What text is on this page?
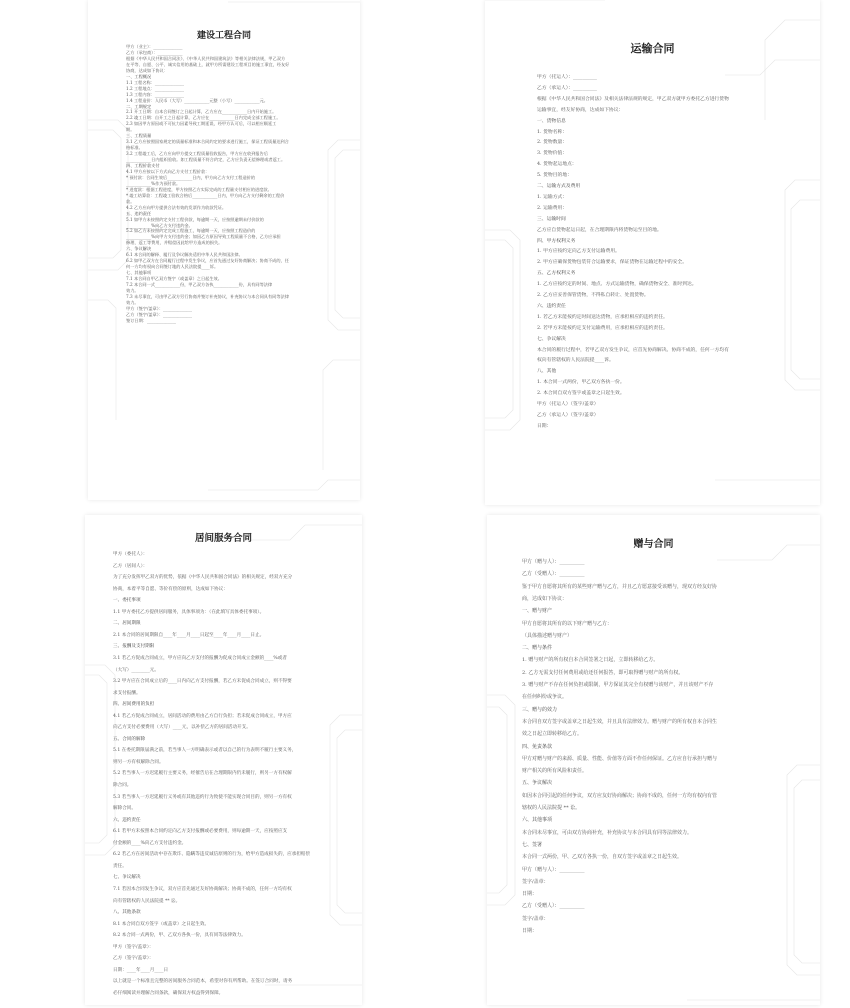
建设工程合同
甲方（业主）：______________
乙方（承包商）：____________
根据《中华人民共和国合同法》、《中华人民共和国建筑法》等相关法律法规，甲乙双方
在平等、自愿、公平、诚实信用的基础上，就甲方所需建设工程项目的施工事宜，经友好
协商，达成如下协议：
一、工程概况
1.1 工程名称：______________
1.2 工程地点：______________
1.3 工程内容：______________
1.4 工程造价：人民币（大写）____________元整（小写）____________元。
二、工期规定
2.1 开工日期：自本合同签订之日起计算，乙方应在____________日内开始施工。
2.2 竣工日期：自开工之日起计算，乙方应在____________日内完成全部工程施工。
2.3 如因甲方原因或不可抗力因素导致工期延误，经甲方认可后，可以相应顺延工
期。
三、工程质量
3.1 乙方应按照国家规定的质量标准和本合同约定的要求进行施工，保证工程质量达到合
格标准。
3.2 工程竣工后，乙方应向甲方提交工程质量验收报告，甲方应在收到报告后
____________日内组织验收。如工程质量不符合约定，乙方应负责无偿修理或者返工。
四、工程价款支付
4.1 甲方应按以下方式向乙方支付工程价款：
* 预付款：合同生效后____________日内，甲方向乙方支付工程造价的
____________%作为预付款。
* 进度款：根据工程进度，甲方按照乙方实际完成的工程量支付相应的进度款。
* 竣工结算款：工程竣工验收合格后____________日内，甲方向乙方支付剩余的工程价
款。
4.2 乙方应向甲方提供合法有效的发票作为收款凭证。
五、违约责任
5.1 如甲方未按照约定支付工程价款，每逾期一天，应按照逾期未付价款的
____________%向乙方支付违约金。
5.2 如乙方未按照约定完成工程施工，每逾期一天，应按照工程造价的
____________%向甲方支付违约金；如因乙方原因导致工程质量不合格，乙方应承担
修理、返工等费用，并赔偿因此给甲方造成的损失。
六、争议解决
6.1 本合同的解释、履行及争议解决适用中华人民共和国法律。
6.2 如甲乙双方在合同履行过程中发生争议，应首先通过友好协商解决；协商不成的，任
何一方均有权向合同签订地的人民法院提____诉。
七、其他事项
7.1 本合同自甲乙双方签字（或盖章）之日起生效。
7.2 本合同一式____________份，甲乙双方各执____________份，具有同等法律
效力。
7.3 未尽事宜，可由甲乙双方另行协商并签订补充协议，补充协议与本合同具有同等法律
效力。
甲方（签字/盖章）：______________
乙方（签字/盖章）：______________
签订日期：______________
运输合同
甲方（托运人）：__________
乙方（承运人）：__________
根据《中华人民共和国合同法》及相关法律法规的规定，甲乙双方就甲方委托乙方进行货物
运输事宜，经友好协商，达成如下协议：
一、货物信息
1. 货物名称：
2. 货物数量：
3. 货物价值：
4. 货物起运地点：
5. 货物目的地：
二、运输方式及费用
1. 运输方式：
2. 运输费用：
三、运输时间
乙方应自货物起运日起，在合理期限内将货物运至目的地。
四、甲方权利义务
1. 甲方应按约定向乙方支付运输费用。
2. 甲方应确保货物包装符合运输要求，保证货物在运输过程中的安全。
五、乙方权利义务
1. 乙方应按约定的时间、地点、方式运输货物，确保货物安全、准时到达。
2. 乙方应妥善保管货物，不得私自转让、处置货物。
六、违约责任
1. 若乙方未能按约定时间送达货物，应承担相应的违约责任。
2. 若甲方未能按约定支付运输费用，应承担相应的违约责任。
七、争议解决
本合同的履行过程中，若甲乙双方发生争议，应首先协商解决。协商不成的，任何一方均有
权向有管辖权的人民法院提____诉。
八、其他
1. 本合同一式两份，甲乙双方各执一份。
2. 本合同自双方签字或盖章之日起生效。
甲方（托运人）（签字/盖章）
乙方（承运人）（签字/盖章）
日期：
居间服务合同
甲方（委托人）：
乙方（居间人）：
为了充分发挥甲乙双方的优势，依据《中华人民共和国合同法》的相关规定，经双方充分
协商，本着平等自愿、等价有偿的原则，达成如下协议：
一、委托事项
1.1 甲方委托乙方提供居间服务，具体事项为：（在此填写具体委托事项）。
二、居间期限
2.1 本合同的居间期限自____年____月____日起至____年____月____日止。
三、报酬及支付期限
3.1 若乙方促成合同成立，甲方应向乙方支付的报酬为促成合同成立金额的____%或者
（大写）________元。
3.2 甲方应在合同成立后的____日内向乙方支付报酬，若乙方未促成合同成立，则不得要
求支付报酬。
四、居间费用的负担
4.1 若乙方促成合同成立，居间活动的费用由乙方自行负担；若未促成合同成立，甲方应
向乙方支付必要费用（大写）____元，以补偿乙方的居间活动开支。
五、合同的解除
5.1 在委托期限届满之前，若当事人一方明确表示或者以自己的行为表明不履行主要义务，
则另一方有权解除合同。
5.2 若当事人一方迟延履行主要义务，经催告后在合理期限内仍未履行，则另一方有权解
除合同。
5.3 若当事人一方迟延履行义务或有其他违约行为致使不能实现合同目的，则另一方有权
解除合同。
六、违约责任
6.1 若甲方未按照本合同约定向乙方支付报酬或必要费用，则每逾期一天，应按照应支
付金额的____%向乙方支付违约金。
6.2 若乙方在居间活动中存在欺诈、隐瞒等违反诚信原则的行为，给甲方造成损失的，应承担赔偿
责任。
七、争议解决
7.1 若因本合同发生争议，双方应首先通过友好协商解决；协商不成的，任何一方均有权
向有管辖权的人民法院提 ** 讼。
八、其他条款
8.1 本合同自双方签字（或盖章）之日起生效。
8.2 本合同一式两份，甲、乙双方各执一份，具有同等法律效力。
甲方（签字/盖章）：
乙方（签字/盖章）：
日期：____年____月____日
以上就是一个标准且完整的居间服务合同范本，希望对你有所帮助。在签订合同时，请务
必仔细阅读并理解合同条款，确保双方权益得到保障。
赠与合同
甲方（赠与人）：__________
乙方（受赠人）：__________
鉴于甲方自愿将其所有的某些财产赠与乙方，并且乙方愿意接受该赠与，现双方经友好协
商，达成如下协议：
一、赠与财产
甲方自愿将其所有的以下财产赠与乙方：
（具体描述赠与财产）
二、赠与条件
1. 赠与财产的所有权自本合同签署之日起，立即转移给乙方。
2. 乙方无需支付任何费用或给还任何报答，即可取得赠与财产的所有权。
3. 赠与财产不存在任何负担或限制，甲方保证其完全有权赠与该财产，并且该财产不存
在任何纠纷或争议。
三、赠与的效力
本合同自双方签字或盖章之日起生效，并且具有法律效力。赠与财产的所有权自本合同生
效之日起立即转移给乙方。
四、免责条款
甲方对赠与财产的来源、质量、性能、价值等方面不作任何保证。乙方应自行承担与赠与
财产相关的所有风险和责任。
五、争议解决
如因本合同引起的任何争议，双方应友好协商解决；协商不成的，任何一方均有权向有管
辖权的人民法院提 ** 讼。
六、其他事项
本合同未尽事宜，可由双方协商补充，补充协议与本合同具有同等法律效力。
七、签署
本合同一式两份，甲、乙双方各执一份，自双方签字或盖章之日起生效。
甲方（赠与人）：__________
签字/盖章：
日期：
乙方（受赠人）：__________
签字/盖章：
日期：
